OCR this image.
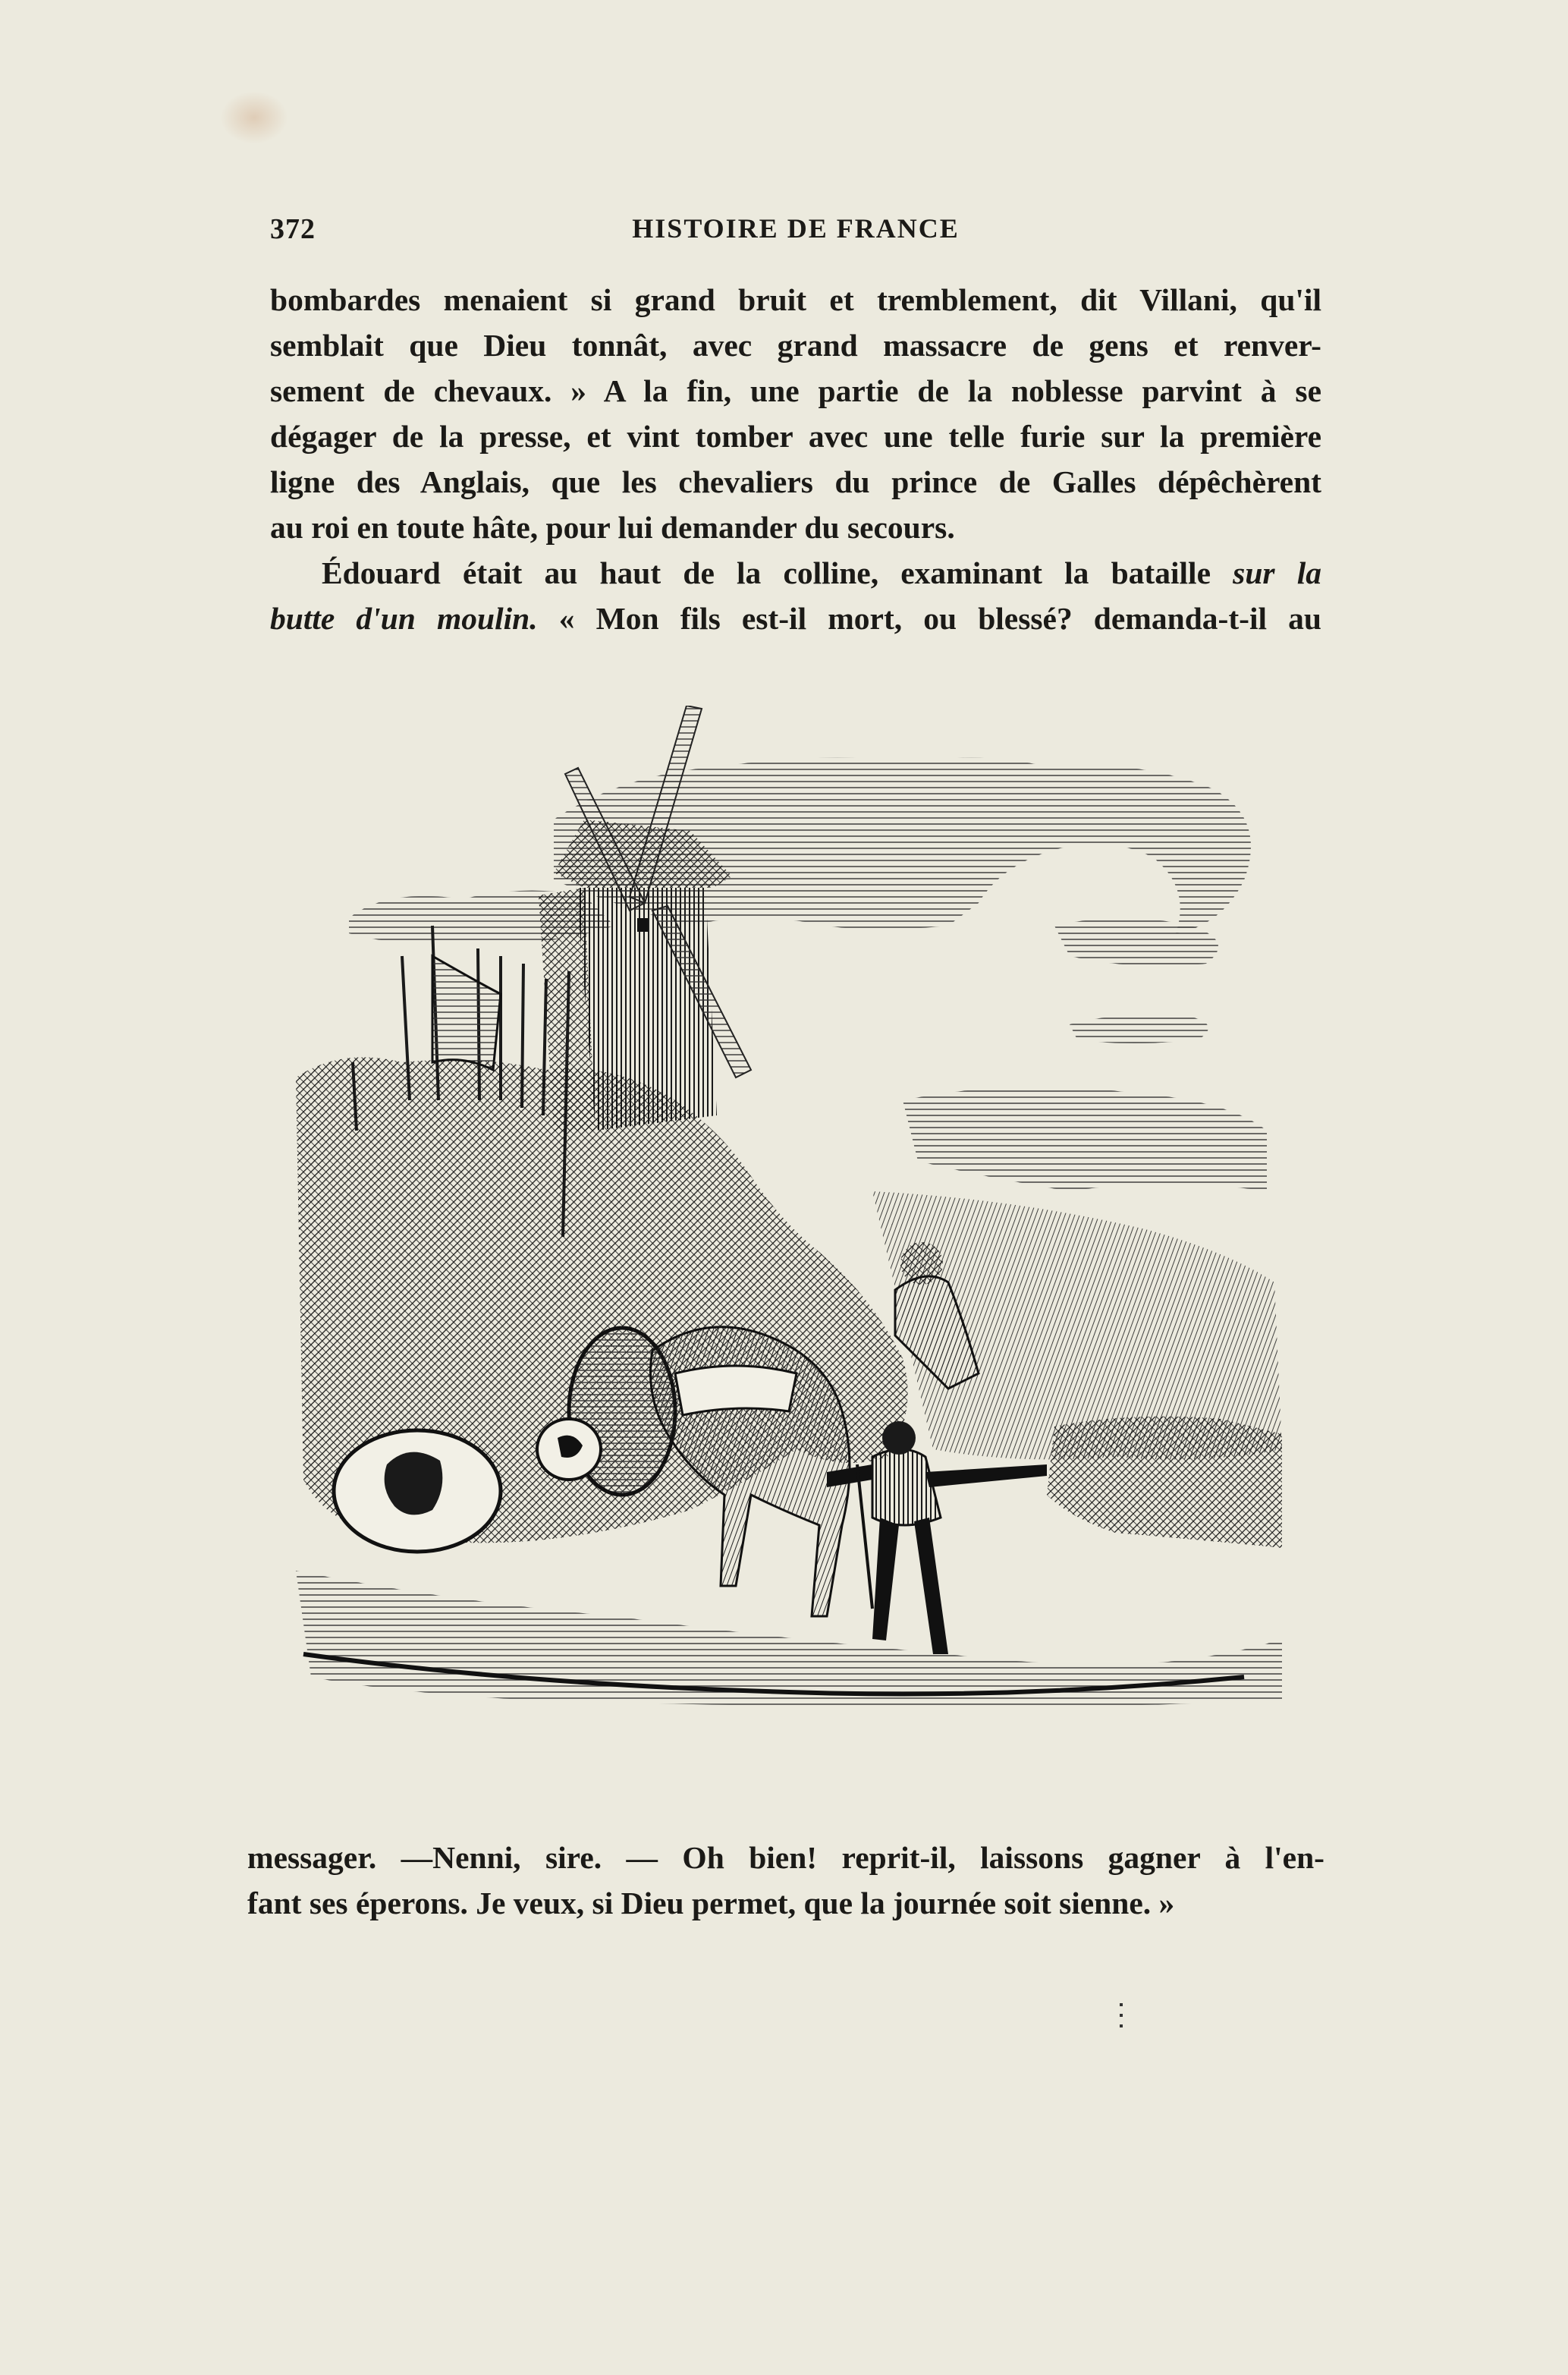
372	HISTOIRE DE FRANCE
bombardes menaient si grand bruit et tremblement, dit Villani, qu'il
semblait que Dieu tonnât, avec grand massacre de gens et renver-
sement de chevaux. » A la fin, une partie de la noblesse parvint à se
dégager de la presse, et vint tomber avec une telle furie sur la première
ligne des Anglais, que les chevaliers du prince de Galles dépêchèrent
au roi en toute hâte, pour lui demander du secours.
Édouard était au haut de la colline, examinant la bataille sur la
butte d'un moulin. « Mon fils est-il mort, ou blessé? demanda-t-il au
messager. —Nenni, sire. — Oh bien! reprit-il, laissons gagner à l'en-
fant ses éperons. Je veux, si Dieu permet, que la journée soit sienne. »
